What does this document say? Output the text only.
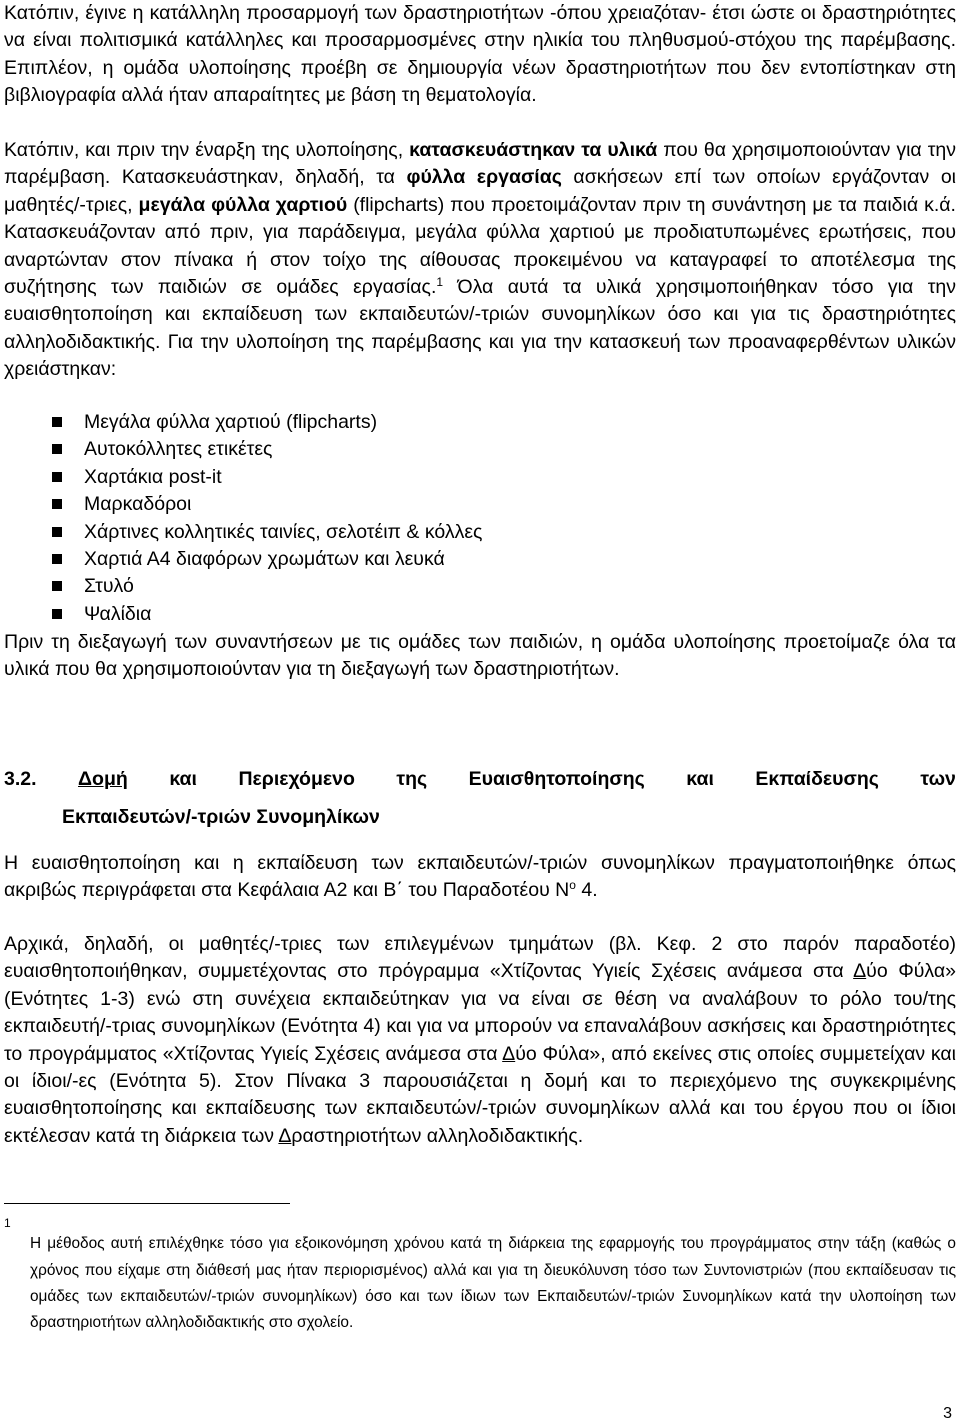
Κατόπιν, έγινε η κατάλληλη προσαρμογή των δραστηριοτήτων -όπου χρειαζόταν- έτσι ώστε οι δραστηριότητες να είναι πολιτισμικά κατάλληλες και προσαρμοσμένες στην ηλικία του πληθυσμού-στόχου της παρέμβασης. Επιπλέον, η ομάδα υλοποίησης προέβη σε δημιουργία νέων δραστηριοτήτων που δεν εντοπίστηκαν στη βιβλιογραφία αλλά ήταν απαραίτητες με βάση τη θεματολογία.

Κατόπιν, και πριν την έναρξη της υλοποίησης, κατασκευάστηκαν τα υλικά που θα χρησιμοποιούνταν για την παρέμβαση. Κατασκευάστηκαν, δηλαδή, τα φύλλα εργασίας ασκήσεων επί των οποίων εργάζονταν οι μαθητές/-τριες, μεγάλα φύλλα χαρτιού (flipcharts) που προετοιμάζονταν πριν τη συνάντηση με τα παιδιά κ.ά. Κατασκευάζονταν από πριν, για παράδειγμα, μεγάλα φύλλα χαρτιού με προδιατυπωμένες ερωτήσεις, που αναρτώνταν στον πίνακα ή στον τοίχο της αίθουσας προκειμένου να καταγραφεί το αποτέλεσμα της συζήτησης των παιδιών σε ομάδες εργασίας.$^1$ Όλα αυτά τα υλικά χρησιμοποιήθηκαν τόσο για την ευαισθητοποίηση και εκπαίδευση των εκπαιδευτών/-τριών συνομηλίκων όσο και για τις δραστηριότητες αλληλοδιδακτικής. Για την υλοποίηση της παρέμβασης και για την κατασκευή των προαναφερθέντων υλικών χρειάστηκαν:

Μεγάλα φύλλα χαρτιού (flipcharts)
Αυτοκόλλητες ετικέτες
Χαρτάκια post-it
Μαρκαδόροι
Χάρτινες κολλητικές ταινίες, σελοτέιπ & κόλλες
Χαρτιά Α4 διαφόρων χρωμάτων και λευκά
Στυλό
Ψαλίδια

Πριν τη διεξαγωγή των συναντήσεων με τις ομάδες των παιδιών, η ομάδα υλοποίησης προετοίμαζε όλα τα υλικά που θα χρησιμοποιούνταν για τη διεξαγωγή των δραστηριοτήτων.

3.2. Δομή και Περιεχόμενο της Ευαισθητοποίησης και Εκπαίδευσης των
Εκπαιδευτών/-τριών Συνομηλίκων

Η ευαισθητοποίηση και η εκπαίδευση των εκπαιδευτών/-τριών συνομηλίκων πραγματοποιήθηκε όπως ακριβώς περιγράφεται στα Κεφάλαια Α2 και Β΄ του Παραδοτέου $N^o$ 4.

Αρχικά, δηλαδή, οι μαθητές/-τριες των επιλεγμένων τμημάτων (βλ. Κεφ. 2 στο παρόν παραδοτέο) ευαισθητοποιήθηκαν, συμμετέχοντας στο πρόγραμμα «Χτίζοντας Υγιείς Σχέσεις ανάμεσα στα Δύο Φύλα» (Ενότητες 1-3) ενώ στη συνέχεια εκπαιδεύτηκαν για να είναι σε θέση να αναλάβουν το ρόλο του/της εκπαιδευτή/-τριας συνομηλίκων (Ενότητα 4) και για να μπορούν να επαναλάβουν ασκήσεις και δραστηριότητες το προγράμματος «Χτίζοντας Υγιείς Σχέσεις ανάμεσα στα Δύο Φύλα», από εκείνες στις οποίες συμμετείχαν και οι ίδιοι/-ες (Ενότητα 5). Στον Πίνακα 3 παρουσιάζεται η δομή και το περιεχόμενο της συγκεκριμένης ευαισθητοποίησης και εκπαίδευσης των εκπαιδευτών/-τριών συνομηλίκων αλλά και του έργου που οι ίδιοι εκτέλεσαν κατά τη διάρκεια των Δραστηριοτήτων αλληλοδιδακτικής.

1

Η μέθοδος αυτή επιλέχθηκε τόσο για εξοικονόμηση χρόνου κατά τη διάρκεια της εφαρμογής του προγράμματος στην τάξη (καθώς ο χρόνος που είχαμε στη διάθεσή μας ήταν περιορισμένος) αλλά και για τη διευκόλυνση τόσο των Συντονιστριών (που εκπαίδευσαν τις ομάδες των εκπαιδευτών/-τριών συνομηλίκων) όσο και των ίδιων των Εκπαιδευτών/-τριών Συνομηλίκων κατά την υλοποίηση των δραστηριοτήτων αλληλοδιδακτικής στο σχολείο.

3
